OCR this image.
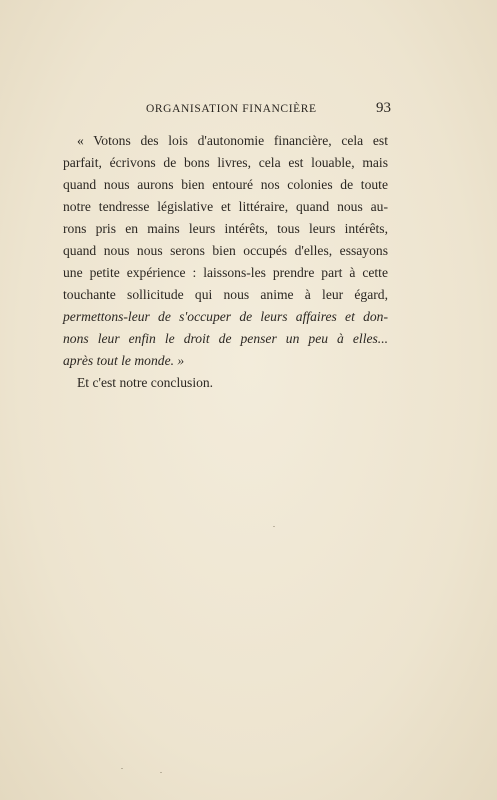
ORGANISATION FINANCIÈRE	93
« Votons des lois d'autonomie financière, cela est
parfait, écrivons de bons livres, cela est louable, mais
quand nous aurons bien entouré nos colonies de toute
notre tendresse législative et littéraire, quand nous au-
rons pris en mains leurs intérêts, tous leurs intérêts,
quand nous nous serons bien occupés d'elles, essayons
une petite expérience : laissons-les prendre part à cette
touchante sollicitude qui nous anime à leur égard,
permettons-leur de s'occuper de leurs affaires et don-
nons leur enfin le droit de penser un peu à elles...
après tout le monde. »
Et c'est notre conclusion.
